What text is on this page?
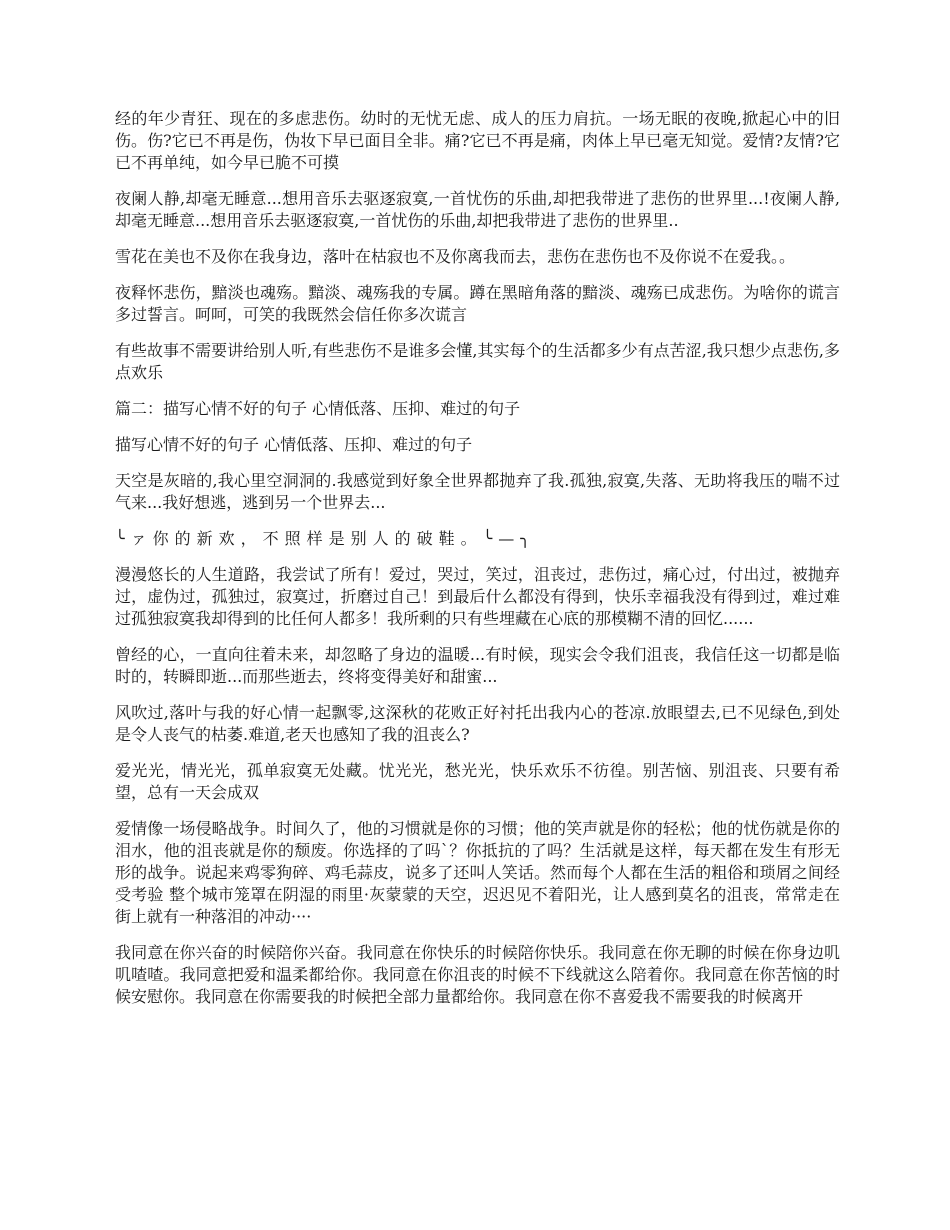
经的年少青狂、现在的多虑悲伤。幼时的无忧无虑、成人的压力肩抗。一场无眠的夜晚,掀起心中的旧伤。伤?它已不再是伤，伪妆下早已面目全非。痛?它已不再是痛，肉体上早已毫无知觉。爱情?友情?它已不再单纯，如今早已脆不可摸

夜阑人静,却毫无睡意...想用音乐去驱逐寂寞,一首忧伤的乐曲,却把我带进了悲伤的世界里...!夜阑人静,却毫无睡意...想用音乐去驱逐寂寞,一首忧伤的乐曲,却把我带进了悲伤的世界里..

雪花在美也不及你在我身边，落叶在枯寂也不及你离我而去，悲伤在悲伤也不及你说不在爱我。。

夜释怀悲伤，黯淡也魂殇。黯淡、魂殇我的专属。蹲在黑暗角落的黯淡、魂殇已成悲伤。为啥你的谎言多过誓言。呵呵，可笑的我既然会信任你多次谎言

有些故事不需要讲给别人听,有些悲伤不是谁多会懂,其实每个的生活都多少有点苦涩,我只想少点悲伤,多点欢乐

篇二：描写心情不好的句子 心情低落、压抑、难过的句子

描写心情不好的句子 心情低落、压抑、难过的句子

天空是灰暗的,我心里空洞洞的.我感觉到好象全世界都抛弃了我.孤独,寂寞,失落、无助将我压的喘不过气来...我好想逃，逃到另一个世界去...

╰ァ你的新欢，不照样是别人的破鞋。╰—╮

漫漫悠长的人生道路，我尝试了所有！爱过，哭过，笑过，沮丧过，悲伤过，痛心过，付出过，被抛弃过，虚伪过，孤独过，寂寞过，折磨过自己！到最后什么都没有得到，快乐幸福我没有得到过，难过难过孤独寂寞我却得到的比任何人都多！我所剩的只有些埋藏在心底的那模糊不清的回忆......

曾经的心，一直向往着未来，却忽略了身边的温暖...有时候，现实会令我们沮丧，我信任这一切都是临时的，转瞬即逝...而那些逝去，终将变得美好和甜蜜...

风吹过,落叶与我的好心情一起飘零,这深秋的花败正好衬托出我内心的苍凉.放眼望去,已不见绿色,到处是令人丧气的枯萎.难道,老天也感知了我的沮丧么?

爱光光，情光光，孤单寂寞无处藏。忧光光，愁光光，快乐欢乐不彷徨。别苦恼、别沮丧、只要有希望，总有一天会成双

爱情像一场侵略战争。时间久了，他的习惯就是你的习惯；他的笑声就是你的轻松；他的忧伤就是你的泪水，他的沮丧就是你的颓废。你选择的了吗`？你抵抗的了吗？生活就是这样，每天都在发生有形无形的战争。说起来鸡零狗碎、鸡毛蒜皮，说多了还叫人笑话。然而每个人都在生活的粗俗和琐屑之间经受考验 整个城市笼罩在阴湿的雨里·灰蒙蒙的天空，迟迟见不着阳光，让人感到莫名的沮丧，常常走在街上就有一种落泪的冲动····

我同意在你兴奋的时候陪你兴奋。我同意在你快乐的时候陪你快乐。我同意在你无聊的时候在你身边叽叽喳喳。我同意把爱和温柔都给你。我同意在你沮丧的时候不下线就这么陪着你。我同意在你苦恼的时候安慰你。我同意在你需要我的时候把全部力量都给你。我同意在你不喜爱我不需要我的时候离开
